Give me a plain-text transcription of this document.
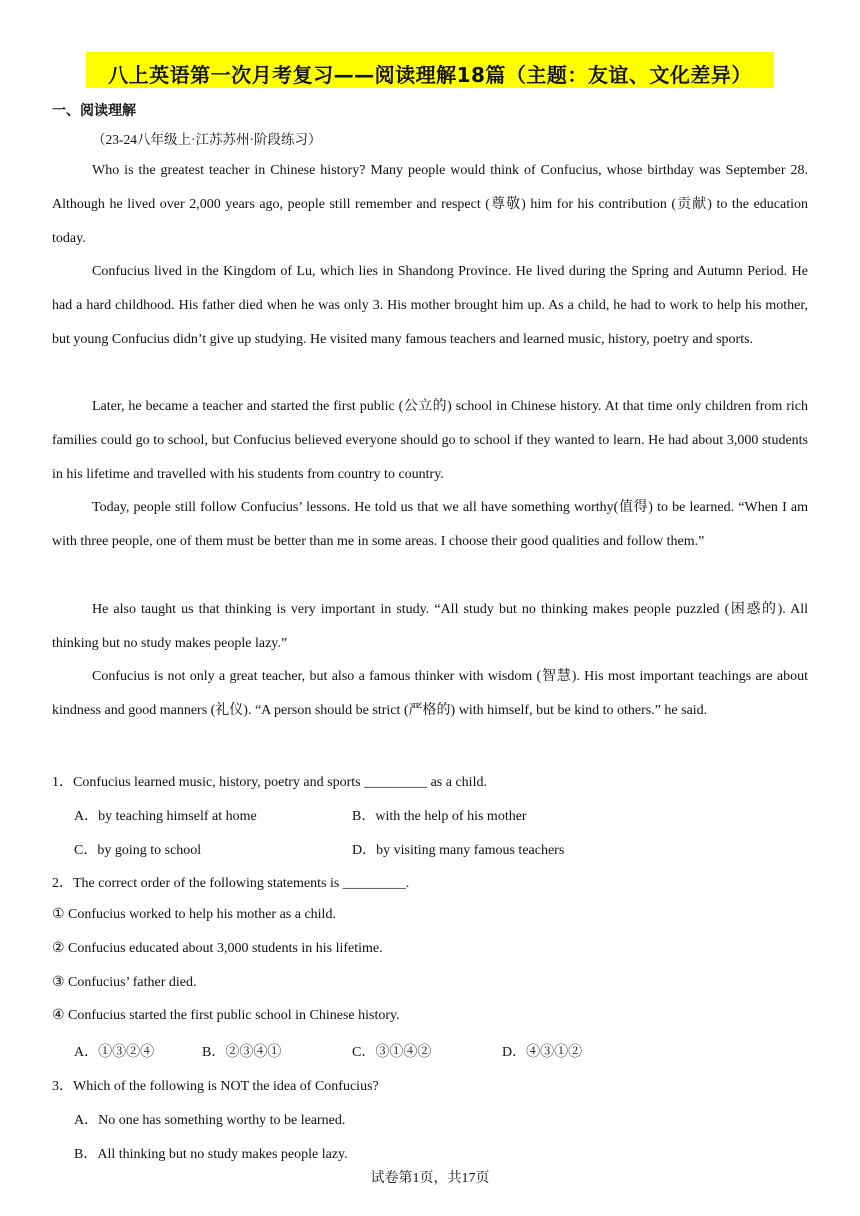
八上英语第一次月考复习——阅读理解18篇（主题：友谊、文化差异）
一、阅读理解
（23-24八年级上·江苏苏州·阶段练习）

Who is the greatest teacher in Chinese history? Many people would think of Confucius, whose birthday was September 28. Although he lived over 2,000 years ago, people still remember and respect (尊敬) him for his contribution (贡献) to the education today.

Confucius lived in the Kingdom of Lu, which lies in Shandong Province. He lived during the Spring and Autumn Period. He had a hard childhood. His father died when he was only 3. His mother brought him up. As a child, he had to work to help his mother, but young Confucius didn’t give up studying. He visited many famous teachers and learned music, history, poetry and sports.

Later, he became a teacher and started the first public (公立的) school in Chinese history. At that time only children from rich families could go to school, but Confucius believed everyone should go to school if they wanted to learn. He had about 3,000 students in his lifetime and travelled with his students from country to country.

Today, people still follow Confucius’ lessons. He told us that we all have something worthy(值得) to be learned. “When I am with three people, one of them must be better than me in some areas. I choose their good qualities and follow them.”

He also taught us that thinking is very important in study. “All study but no thinking makes people puzzled (困惑的). All thinking but no study makes people lazy.”

Confucius is not only a great teacher, but also a famous thinker with wisdom (智慧). His most important teachings are about kindness and good manners (礼仪). “A person should be strict (严格的) with himself, but be kind to others.” he said.

1．Confucius learned music, history, poetry and sports _________ as a child.
A．by teaching himself at home	B．with the help of his mother
C．by going to school	D．by visiting many famous teachers
2．The correct order of the following statements is _________.
① Confucius worked to help his mother as a child.
② Confucius educated about 3,000 students in his lifetime.
③ Confucius’ father died.
④ Confucius started the first public school in Chinese history.
A．①③②④	B．②③④①	C．③①④②	D．④③①②
3．Which of the following is NOT the idea of Confucius?
A．No one has something worthy to be learned.
B．All thinking but no study makes people lazy.
试卷第1页，共17页
